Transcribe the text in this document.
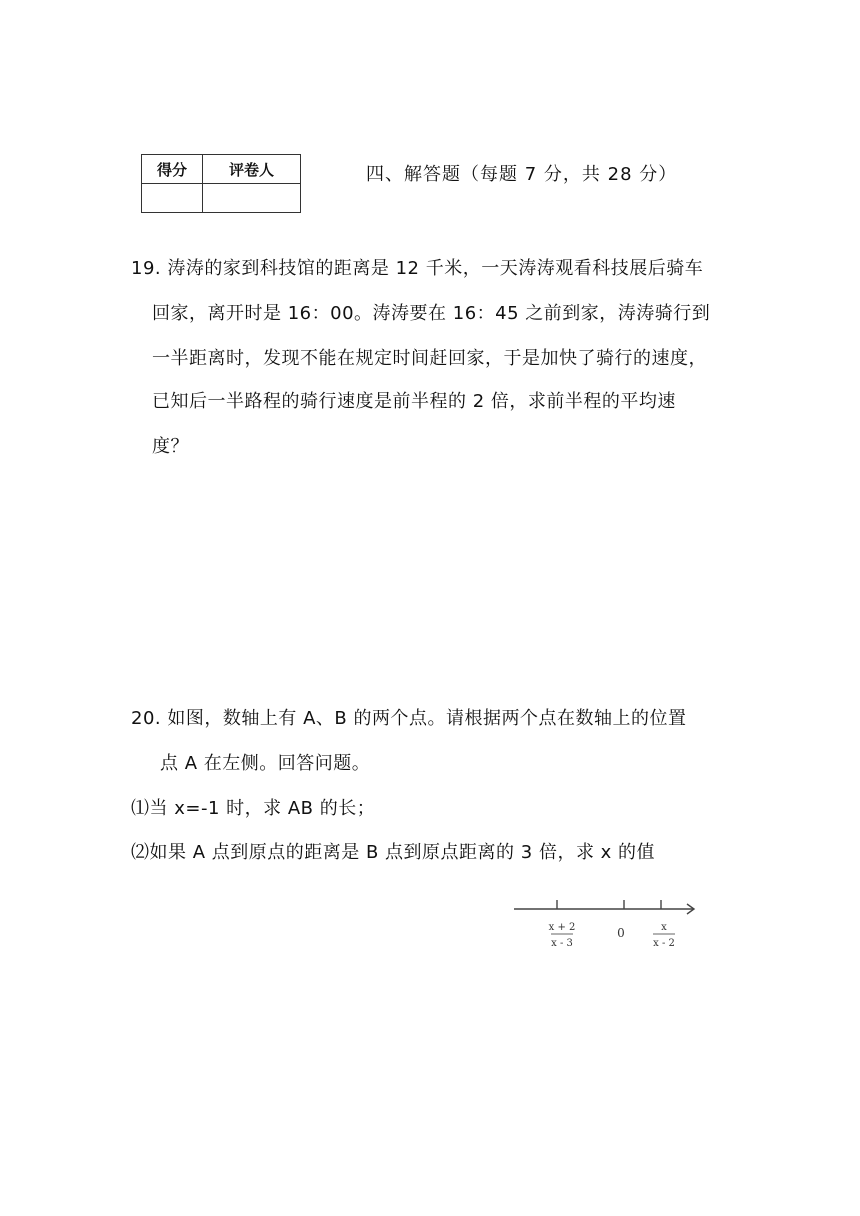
得分	评卷人
		四、解答题（每题 7 分，共 28 分）
19. 涛涛的家到科技馆的距离是 12 千米，一天涛涛观看科技展后骑车
回家，离开时是 16：00。涛涛要在 16：45 之前到家，涛涛骑行到
一半距离时，发现不能在规定时间赶回家，于是加快了骑行的速度，
已知后一半路程的骑行速度是前半程的 2 倍，求前半程的平均速
度？
20. 如图，数轴上有 A、B 的两个点。请根据两个点在数轴上的位置
点 A 在左侧。回答问题。
⑴当 x=-1 时，求 AB 的长；
⑵如果 A 点到原点的距离是 B 点到原点距离的 3 倍，求 x 的值
x + 2
x - 3
0	x
x - 2
